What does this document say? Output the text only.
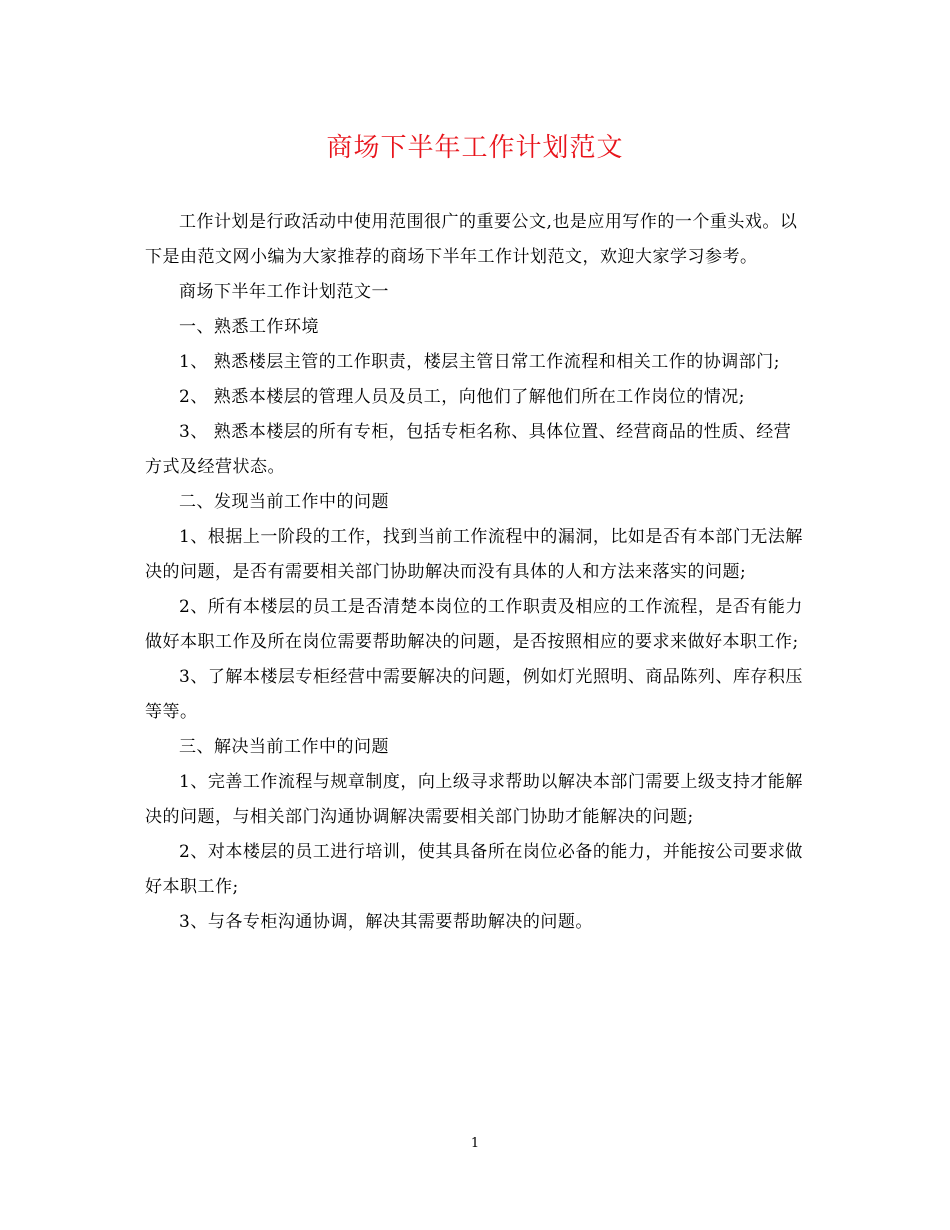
商场下半年工作计划范文

工作计划是行政活动中使用范围很广的重要公文,也是应用写作的一个重头戏。以下是由范文网小编为大家推荐的商场下半年工作计划范文，欢迎大家学习参考。

商场下半年工作计划范文一

一、熟悉工作环境

1、 熟悉楼层主管的工作职责，楼层主管日常工作流程和相关工作的协调部门;

2、 熟悉本楼层的管理人员及员工，向他们了解他们所在工作岗位的情况;

3、 熟悉本楼层的所有专柜，包括专柜名称、具体位置、经营商品的性质、经营方式及经营状态。

二、发现当前工作中的问题

1、根据上一阶段的工作，找到当前工作流程中的漏洞，比如是否有本部门无法解决的问题，是否有需要相关部门协助解决而没有具体的人和方法来落实的问题;

2、所有本楼层的员工是否清楚本岗位的工作职责及相应的工作流程，是否有能力做好本职工作及所在岗位需要帮助解决的问题，是否按照相应的要求来做好本职工作;

3、了解本楼层专柜经营中需要解决的问题，例如灯光照明、商品陈列、库存积压等等。

三、解决当前工作中的问题

1、完善工作流程与规章制度，向上级寻求帮助以解决本部门需要上级支持才能解决的问题，与相关部门沟通协调解决需要相关部门协助才能解决的问题;

2、对本楼层的员工进行培训，使其具备所在岗位必备的能力，并能按公司要求做好本职工作;

3、与各专柜沟通协调，解决其需要帮助解决的问题。

1
